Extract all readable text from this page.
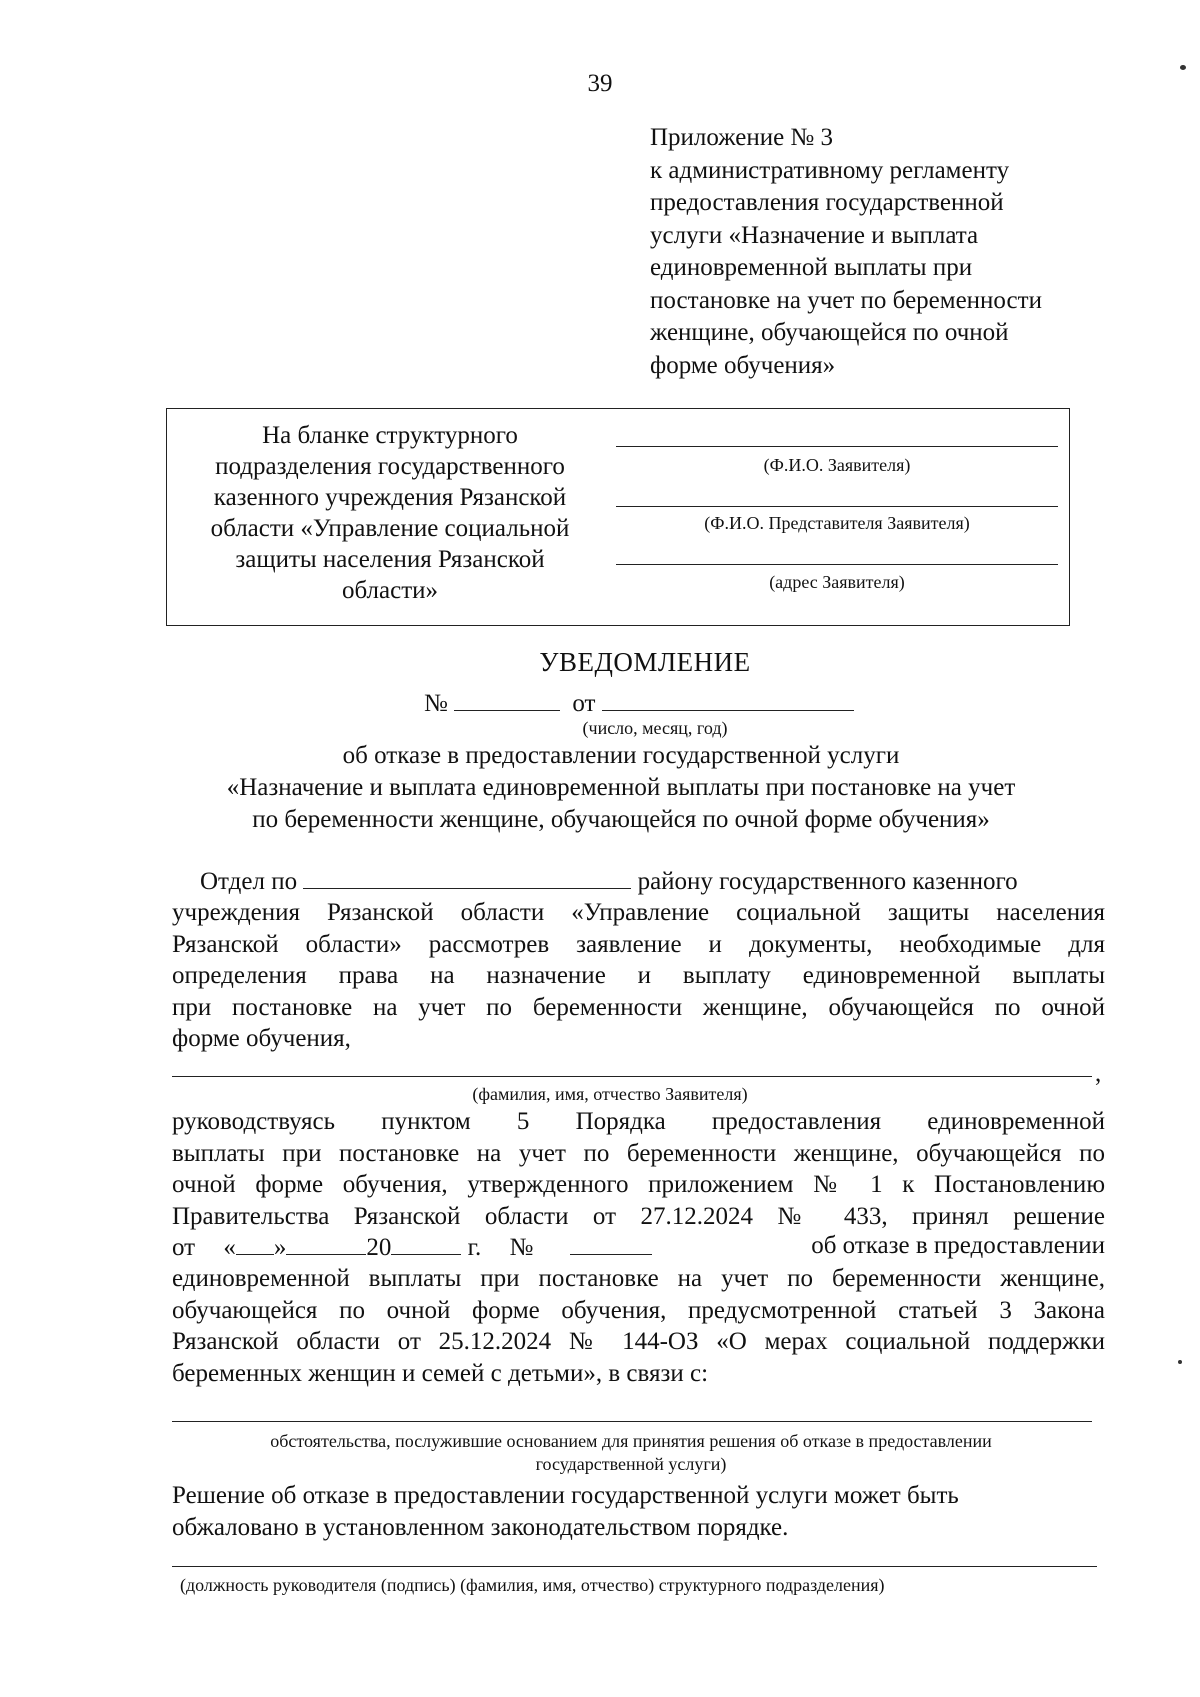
39
Приложение № 3
к административному регламенту
предоставления государственной
услуги «Назначение и выплата
единовременной выплаты при
постановке на учет по беременности
женщине, обучающейся по очной
форме обучения»
На бланке структурного
подразделения государственного
казенного учреждения Рязанской
области «Управление социальной
защиты населения Рязанской
области»
(Ф.И.О. Заявителя)
(Ф.И.О. Представителя Заявителя)
(адрес Заявителя)
УВЕДОМЛЕНИЕ
№	от
(число, месяц, год)
об отказе в предоставлении государственной услуги
«Назначение и выплата единовременной выплаты при постановке на учет
по беременности женщине, обучающейся по очной форме обучения»
Отдел по	району государственного казенного
учреждения Рязанской области «Управление социальной защиты населения
Рязанской области» рассмотрев заявление и документы, необходимые для
определения права на назначение и выплату единовременной выплаты
при постановке на учет по беременности женщине, обучающейся по очной
форме обучения,
,
(фамилия, имя, отчество Заявителя)
руководствуясь пунктом 5 Порядка предоставления единовременной
выплаты при постановке на учет по беременности женщине, обучающейся по
очной форме обучения, утвержденного приложением № 1 к Постановлению
Правительства Рязанской области от 27.12.2024 № 433, принял решение
от « »	20	г. №	об отказе в предоставлении
единовременной выплаты при постановке на учет по беременности женщине,
обучающейся по очной форме обучения, предусмотренной статьей 3 Закона
Рязанской области от 25.12.2024 № 144-ОЗ «О мерах социальной поддержки
беременных женщин и семей с детьми», в связи с:
обстоятельства, послужившие основанием для принятия решения об отказе в предоставлении
государственной услуги)
Решение об отказе в предоставлении государственной услуги может быть
обжаловано в установленном законодательством порядке.
(должность руководителя (подпись) (фамилия, имя, отчество) структурного подразделения)
